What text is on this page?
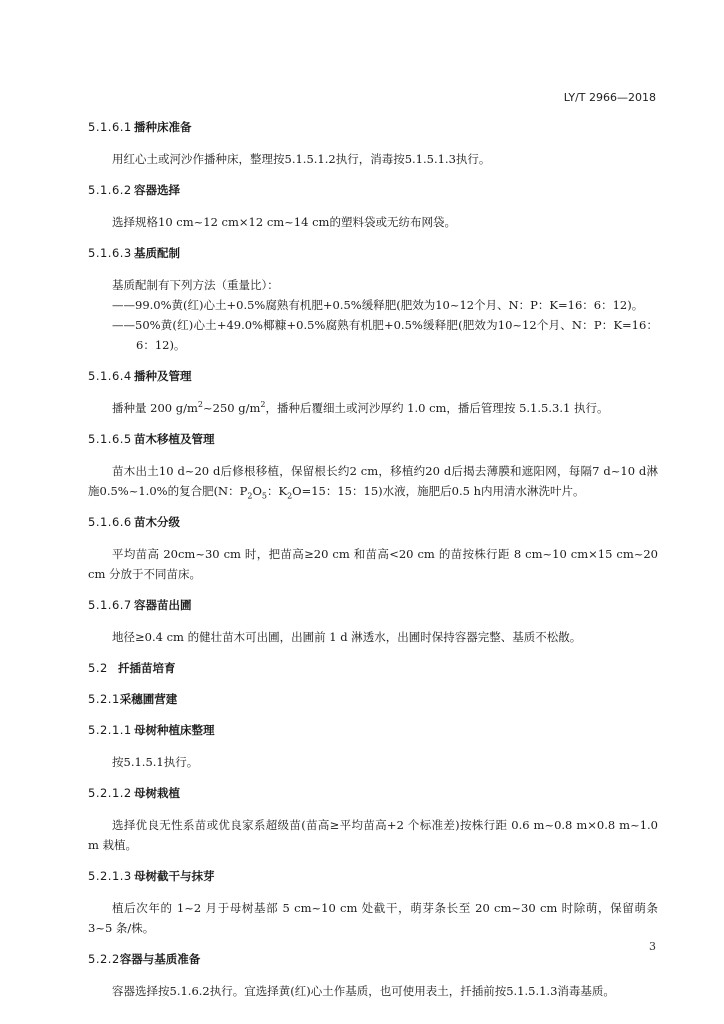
LY/T 2966—2018
5.1.6.1 播种床准备
用红心土或河沙作播种床，整理按5.1.5.1.2执行，消毒按5.1.5.1.3执行。
5.1.6.2 容器选择
选择规格10 cm~12 cm×12 cm~14 cm的塑料袋或无纺布网袋。
5.1.6.3 基质配制
基质配制有下列方法（重量比）：
——99.0%黄(红)心土+0.5%腐熟有机肥+0.5%缓释肥(肥效为10~12个月、N：P：K=16：6：12)。
——50%黄(红)心土+49.0%椰糠+0.5%腐熟有机肥+0.5%缓释肥(肥效为10~12个月、N：P：K=16：6：12)。
5.1.6.4 播种及管理
播种量 200 $g/m^2\sim 250$ $g/m^2$，播种后覆细土或河沙厚约 1.0 cm，播后管理按 5.1.5.3.1 执行。
5.1.6.5 苗木移植及管理
苗木出土10 d~20 d后修根移植，保留根长约2 cm，移植约20 d后揭去薄膜和遮阳网，每隔7 d~10 d淋施0.5%~1.0%的复合肥(N：$P_2O_5$：$K_2O=15$：15：15)水液，施肥后0.5 h内用清水淋洗叶片。
5.1.6.6 苗木分级
平均苗高 20cm~30 cm 时，把苗高≥20 cm 和苗高<20 cm 的苗按株行距 8 cm~10 cm×15 cm~20 cm 分放于不同苗床。
5.1.6.7 容器苗出圃
地径≥0.4 cm 的健壮苗木可出圃，出圃前 1 d 淋透水，出圃时保持容器完整、基质不松散。
5.2 扦插苗培育
5.2.1采穗圃营建
5.2.1.1 母树种植床整理
按5.1.5.1执行。
5.2.1.2 母树栽植
选择优良无性系苗或优良家系超级苗(苗高≥平均苗高+2 个标准差)按株行距 0.6 m~0.8 m×0.8 m~1.0 m 栽植。
5.2.1.3 母树截干与抹芽
植后次年的 1~2 月于母树基部 5 cm~10 cm 处截干，萌芽条长至 20 cm~30 cm 时除萌，保留萌条3~5 条/株。
5.2.2容器与基质准备
容器选择按5.1.6.2执行。宜选择黄(红)心土作基质，也可使用表土，扦插前按5.1.5.1.3消毒基质。
3
